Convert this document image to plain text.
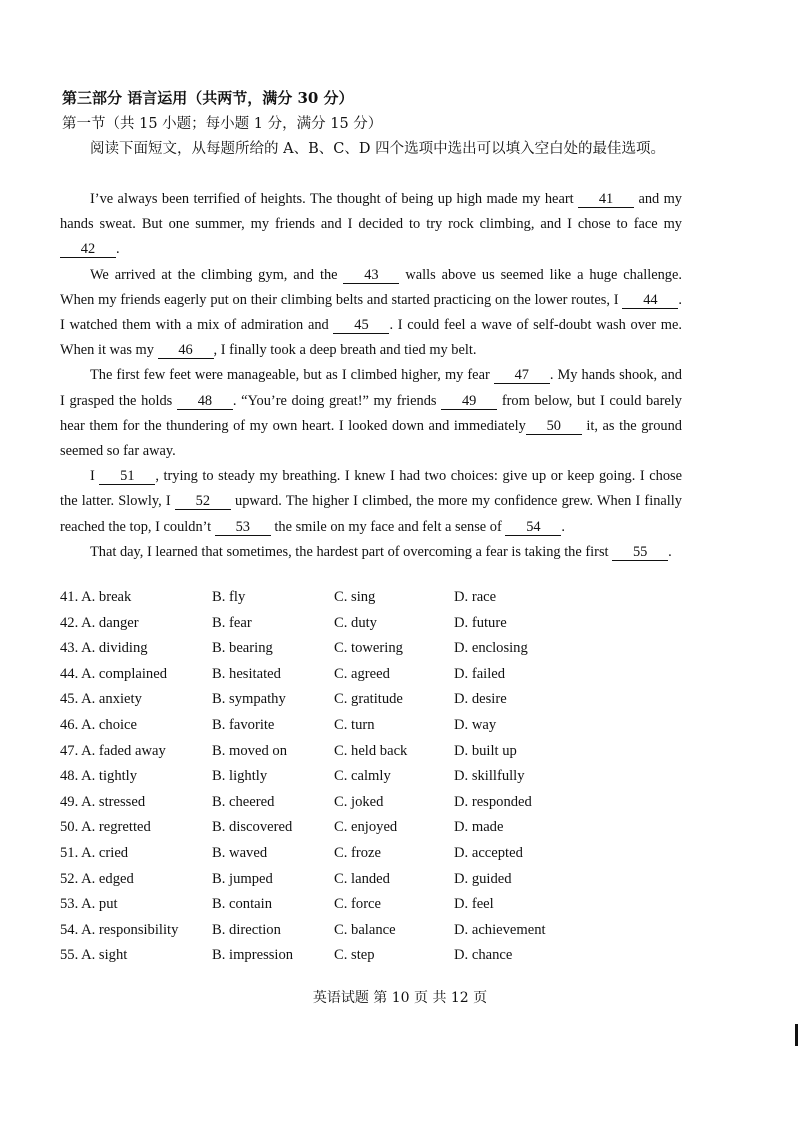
第三部分 语言运用（共两节，满分 30 分）
第一节（共 15 小题；每小题 1 分，满分 15 分）
阅读下面短文，从每题所给的 A、B、C、D 四个选项中选出可以填入空白处的最佳选项。

I’ve always been terrified of heights. The thought of being up high made my heart 41 and my hands sweat. But one summer, my friends and I decided to try rock climbing, and I chose to face my 42 .

We arrived at the climbing gym, and the 43 walls above us seemed like a huge challenge. When my friends eagerly put on their climbing belts and started practicing on the lower routes, I 44 . I watched them with a mix of admiration and 45 . I could feel a wave of self-doubt wash over me. When it was my 46 , I finally took a deep breath and tied my belt.

The first few feet were manageable, but as I climbed higher, my fear 47 . My hands shook, and I grasped the holds 48 . “You’re doing great!” my friends 49 from below, but I could barely hear them for the thundering of my own heart. I looked down and immediately 50 it, as the ground seemed so far away.

I 51 , trying to steady my breathing. I knew I had two choices: give up or keep going. I chose the latter. Slowly, I 52 upward. The higher I climbed, the more my confidence grew. When I finally reached the top, I couldn’t 53 the smile on my face and felt a sense of 54 .

That day, I learned that sometimes, the hardest part of overcoming a fear is taking the first 55 .

41. A. break	B. fly	C. sing	D. race
42. A. danger	B. fear	C. duty	D. future
43. A. dividing	B. bearing	C. towering	D. enclosing
44. A. complained	B. hesitated	C. agreed	D. failed
45. A. anxiety	B. sympathy	C. gratitude	D. desire
46. A. choice	B. favorite	C. turn	D. way
47. A. faded away	B. moved on	C. held back	D. built up
48. A. tightly	B. lightly	C. calmly	D. skillfully
49. A. stressed	B. cheered	C. joked	D. responded
50. A. regretted	B. discovered	C. enjoyed	D. made
51. A. cried	B. waved	C. froze	D. accepted
52. A. edged	B. jumped	C. landed	D. guided
53. A. put	B. contain	C. force	D. feel
54. A. responsibility B. direction	C. balance	D. achievement
55. A. sight	B. impression	C. step	D. chance
英语试题 第 10 页 共 12 页
